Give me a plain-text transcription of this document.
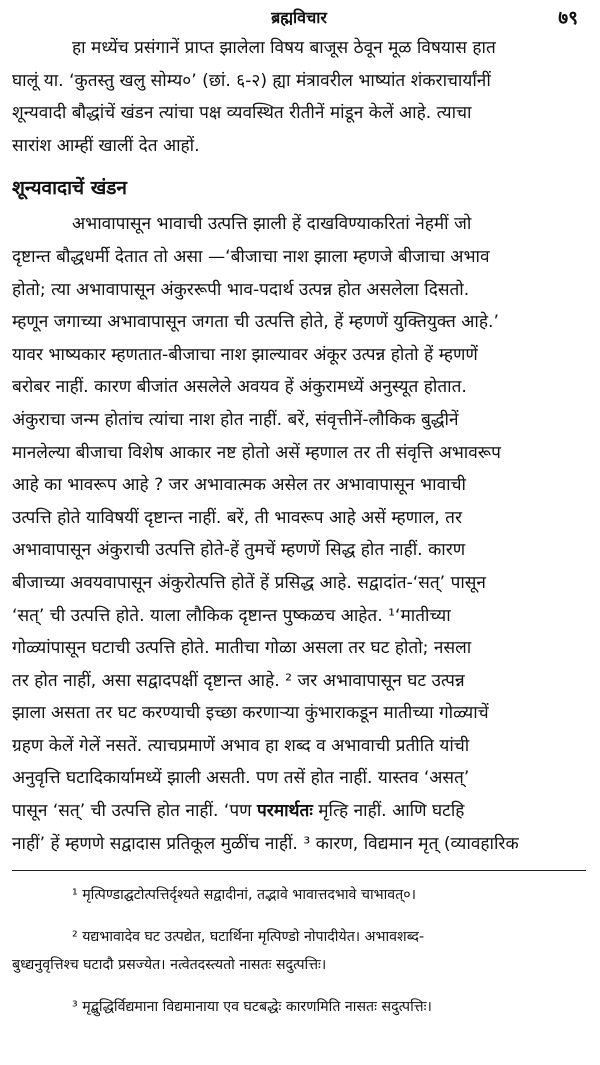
ब्रह्मविचार	७९

हा मध्येंच प्रसंगानें प्राप्त झालेला विषय बाजूस ठेवून मूळ विषयास हात
घालूं या. ‘कुतस्तु खलु सोम्य०’ (छां. ६-२) ह्या मंत्रावरील भाष्यांत शंकराचार्यांनीं
शून्यवादी बौद्धांचें खंडन त्यांचा पक्ष व्यवस्थित रीतीनें मांडून केलें आहे. त्याचा
सारांश आम्हीं खालीं देत आहों.

शून्यवादाचें खंडन

अभावापासून भावाची उत्पत्ति झाली हें दाखविण्याकरितां नेहमीं जो
दृष्टान्त बौद्धधर्मी देतात तो असा —‘बीजाचा नाश झाला म्हणजे बीजाचा अभाव
होतो; त्या अभावापासून अंकुररूपी भाव-पदार्थ उत्पन्न होत असलेला दिसतो.
म्हणून जगाच्या अभावापासून जगता ची उत्पत्ति होते, हें म्हणणें युक्तियुक्त आहे.’
यावर भाष्यकार म्हणतात-बीजाचा नाश झाल्यावर अंकूर उत्पन्न होतो हें म्हणणें
बरोबर नाहीं. कारण बीजांत असलेले अवयव हें अंकुरामध्यें अनुस्यूत होतात.
अंकुराचा जन्म होतांच त्यांचा नाश होत नाहीं. बरें, संवृत्तीनें-लौकिक बुद्धीनें
मानलेल्या बीजाचा विशेष आकार नष्ट होतो असें म्हणाल तर ती संवृत्ति अभावरूप
आहे का भावरूप आहे ? जर अभावात्मक असेल तर अभावापासून भावाची
उत्पत्ति होते याविषयीं दृष्टान्त नाहीं. बरें, ती भावरूप आहे असें म्हणाल, तर
अभावापासून अंकुराची उत्पत्ति होते-हें तुमचें म्हणणें सिद्ध होत नाहीं. कारण
बीजाच्या अवयवापासून अंकुरोत्पत्ति होतें हें प्रसिद्ध आहे. सद्वादांत-‘सत्’ पासून
‘सत्’ ची उत्पत्ति होते. याला लौकिक दृष्टान्त पुष्कळच आहेत. ¹‘मातीच्या
गोळ्यांपासून घटाची उत्पत्ति होते. मातीचा गोळा असला तर घट होतो; नसला
तर होत नाहीं, असा सद्वादपक्षीं दृष्टान्त आहे. ² जर अभावापासून घट उत्पन्न
झाला असता तर घट करण्याची इच्छा करणाऱ्या कुंभाराकडून मातीच्या गोळ्याचें
ग्रहण केलें गेलें नसतें. त्याचप्रमाणें अभाव हा शब्द व अभावाची प्रतीति यांची
अनुवृत्ति घटादिकार्यामध्यें झाली असती. पण तसें होत नाहीं. यास्तव ‘असत्’
पासून ‘सत्’ ची उत्पत्ति होत नाहीं. ‘पण परमार्थतः मृत्हि नाहीं. आणि घटहि
नाहीं’ हें म्हणणे सद्वादास प्रतिकूल मुळींच नाहीं. ³ कारण, विद्यमान मृत् (व्यावहारिक

¹ मृत्पिण्डाद्घटोत्पत्तिर्दृश्यते सद्वादीनां, तद्भावे भावात्तदभावे चाभावत्०।

² यद्यभावादेव घट उत्पद्येत, घटार्थिना मृत्पिण्डो नोपादीयेत। अभावशब्द-
बुध्द्यनुवृत्तिश्च घटादौ प्रसज्येत। नत्वेतदस्त्यतो नासतः सदुत्पत्तिः।

³ मृद्बुद्धिर्विद्यमाना विद्यमानाया एव घटबद्धेः कारणमिति नासतः सदुत्पत्तिः।
